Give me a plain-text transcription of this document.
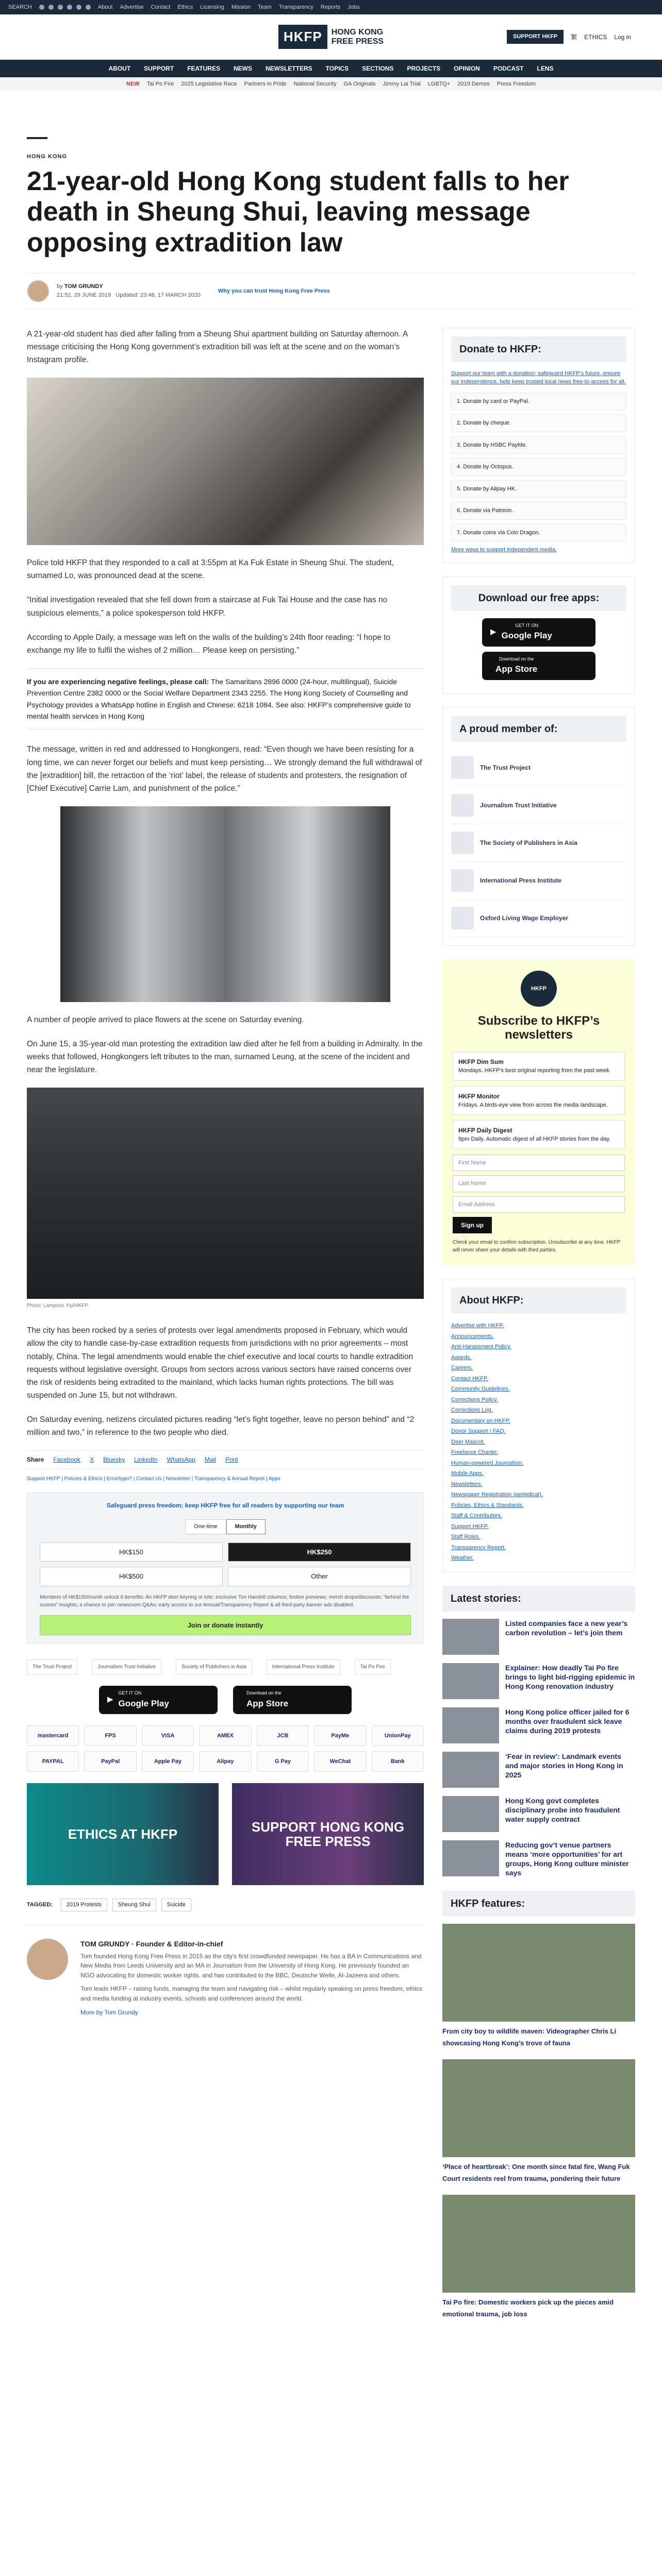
SEARCH	About Advertise Contact Ethics Licensing Mission Team Transparency Reports Jobs
HKFP	HONG KONG
FREE PRESS
SUPPORT HKFP	繁 ETHICS Log in
ABOUT SUPPORT FEATURES NEWS NEWSLETTERS TOPICS SECTIONS PROJECTS OPINION PODCAST LENS
NEW Tai Po Fire 2025 Legislative Race Partners in Pride National Security GA Originals Jimmy Lai Trial LGBTQ+ 2019 Demos Press Freedom
HONG KONG
21-year-old Hong Kong student falls to her death in Sheung Shui, leaving message opposing extradition law
by TOM GRUNDY
21:52, 29 JUNE 2019 Updated: 23:48, 17 MARCH 2020
Why you can trust Hong Kong Free Press

A 21-year-old student has died after falling from a Sheung Shui apartment building on Saturday afternoon. A message criticising the Hong Kong government’s extradition bill was left at the scene and on the woman’s Instagram profile.

Police told HKFP that they responded to a call at 3:55pm at Ka Fuk Estate in Sheung Shui. The student, surnamed Lo, was pronounced dead at the scene.

“Initial investigation revealed that she fell down from a staircase at Fuk Tai House and the case has no suspicious elements,” a police spokesperson told HKFP.

According to Apple Daily, a message was left on the walls of the building’s 24th floor reading: “I hope to exchange my life to fulfil the wishes of 2 million… Please keep on persisting.”

If you are experiencing negative feelings, please call: The Samaritans 2896 0000 (24-hour, multilingual), Suicide Prevention Centre 2382 0000 or the Social Welfare Department 2343 2255. The Hong Kong Society of Counselling and Psychology provides a WhatsApp hotline in English and Chinese: 6218 1084. See also: HKFP’s comprehensive guide to mental health services in Hong Kong

The message, written in red and addressed to Hongkongers, read: “Even though we have been resisting for a long time, we can never forget our beliefs and must keep persisting… We strongly demand the full withdrawal of the [extradition] bill, the retraction of the ‘riot’ label, the release of students and protesters, the resignation of [Chief Executive] Carrie Lam, and punishment of the police.”

A number of people arrived to place flowers at the scene on Saturday evening.

On June 15, a 35-year-old man protesting the extradition law died after he fell from a building in Admiralty. In the weeks that followed, Hongkongers left tributes to the man, surnamed Leung, at the scene of the incident and near the legislature.

Photo: Lampson Yip/HKFP.

The city has been rocked by a series of protests over legal amendments proposed in February, which would allow the city to handle case-by-case extradition requests from jurisdictions with no prior agreements – most notably, China. The legal amendments would enable the chief executive and local courts to handle extradition requests without legislative oversight. Groups from sectors across various sectors have raised concerns over the risk of residents being extradited to the mainland, which lacks human rights protections. The bill was suspended on June 15, but not withdrawn.

On Saturday evening, netizens circulated pictures reading “let’s fight together, leave no person behind” and “2 million and two,” in reference to the two people who died.

Share Facebook X Bluesky LinkedIn WhatsApp Mail Print
Support HKFP | Policies & Ethics | Error/typo? | Contact Us | Newsletter | Transparency & Annual Report | Apps
Safeguard press freedom; keep HKFP free for all readers by supporting our team
One-time	Monthly
HK$150	HK$250
HK$500	Other
Members of HK$150/month unlock 6 benefits: An HKFP deer keyring or tote; exclusive Tim Hamlett columns; festive previews; merch drops/discounts; “behind the scenes” insights; a chance to join newsroom Q&As; early access to our Annual/Transparency Report & all third-party banner ads disabled.
Join or donate instantly
The Trust Project	Journalism Trust Initiative	Society of Publishers in Asia	International Press Institute	Tai Po Fire
▶
GET IT ON
Google Play
Download on the
App Store
mastercard	FPS	VISA	AMEX	JCB	PayMe	UnionPay
PAYPAL	PayPal	Apple Pay	Alipay	G Pay	WeChat	Bank
ETHICS AT HKFP	SUPPORT HONG KONG FREE PRESS
TAGGED:	2019 Protests	Sheung Shui	Suicide
TOM GRUNDY · Founder & Editor-in-chief

Tom founded Hong Kong Free Press in 2015 as the city’s first crowdfunded newspaper. He has a BA in Communications and New Media from Leeds University and an MA in Journalism from the University of Hong Kong. He previously founded an NGO advocating for domestic worker rights, and has contributed to the BBC, Deutsche Welle, Al-Jazeera and others.

Tom leads HKFP – raising funds, managing the team and navigating risk – whilst regularly speaking on press freedom, ethics and media funding at industry events, schools and conferences around the world.

More by Tom Grundy

Donate to HKFP:

Support our team with a donation; safeguard HKFP’s future, ensure our independence, help keep trusted local news free-to-access for all.

1. Donate by card or PayPal.
2. Donate by cheque.
3. Donate by HSBC PayMe.
4. Donate by Octopus.
5. Donate by Alipay HK.
6. Donate via Patreon.
7. Donate coins via Coin Dragon.
More ways to support independent media.
Download our free apps:
▶
GET IT ON
Google Play
Download on the
App Store
A proud member of:
The Trust Project
Journalism Trust Initiative
The Society of Publishers in Asia
International Press Institute
Oxford Living Wage Employer
HKFP
Subscribe to HKFP’s newsletters
HKFP Dim Sum
Mondays. HKFP’s best original reporting from the past week.
HKFP Monitor
Fridays. A birds-eye view from across the media landscape.
HKFP Daily Digest
9pm Daily. Automatic digest of all HKFP stories from the day.
First Name
Last Name
Email Address
Sign up
Check your email to confirm subscription. Unsubscribe at any time. HKFP will never share your details with third parties.
About HKFP:
Advertise with HKFP.
Announcements.
Anti-Harassment Policy.
Awards.
Careers.
Contact HKFP.
Community Guidelines.
Corrections Policy.
Corrections Log.
Documentary on HKFP.
Donor Support | FAQ.
Deer Mascot.
Freelance Charter.
Human-powered Journalism.
Mobile Apps.
Newsletters.
Newspaper Registration (periodical).
Policies, Ethics & Standards.
Staff & Contributors.
Support HKFP.
Staff Roles.
Transparency Report.
Weather.
Latest stories:
Listed companies face a new year’s carbon revolution – let’s join them
Explainer: How deadly Tai Po fire brings to light bid-rigging epidemic in Hong Kong renovation industry
Hong Kong police officer jailed for 6 months over fraudulent sick leave claims during 2019 protests
‘Fear in review’: Landmark events and major stories in Hong Kong in 2025
Hong Kong govt completes disciplinary probe into fraudulent water supply contract
Reducing gov’t venue partners means ‘more opportunities’ for art groups, Hong Kong culture minister says
HKFP features:
From city boy to wildlife maven: Videographer Chris Li showcasing Hong Kong’s trove of fauna
‘Place of heartbreak’: One month since fatal fire, Wang Fuk Court residents reel from trauma, pondering their future
Tai Po fire: Domestic workers pick up the pieces amid emotional trauma, job loss
